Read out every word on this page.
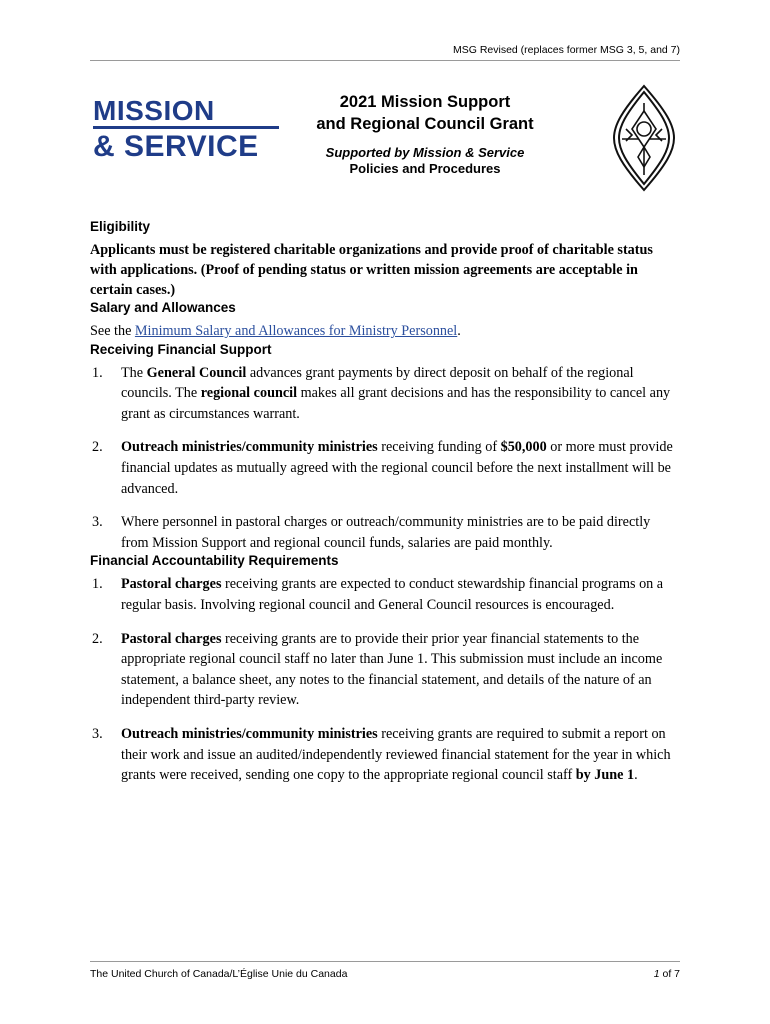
MSG Revised (replaces former MSG 3, 5, and 7)
MISSION
& SERVICE
2021 Mission Support
and Regional Council Grant
Supported by Mission & Service
Policies and Procedures
Eligibility

Applicants must be registered charitable organizations and provide proof of charitable status with applications. (Proof of pending status or written mission agreements are acceptable in certain cases.)

Salary and Allowances

See the Minimum Salary and Allowances for Ministry Personnel.

Receiving Financial Support
1.	The General Council advances grant payments by direct deposit on behalf of the regional councils. The regional council makes all grant decisions and has the responsibility to cancel any grant as circumstances warrant.
2.	Outreach ministries/community ministries receiving funding of $50,000 or more must provide financial updates as mutually agreed with the regional council before the next installment will be advanced.
3.	Where personnel in pastoral charges or outreach/community ministries are to be paid directly from Mission Support and regional council funds, salaries are paid monthly.
Financial Accountability Requirements
1.	Pastoral charges receiving grants are expected to conduct stewardship financial programs on a regular basis. Involving regional council and General Council resources is encouraged.
2.	Pastoral charges receiving grants are to provide their prior year financial statements to the appropriate regional council staff no later than June 1. This submission must include an income statement, a balance sheet, any notes to the financial statement, and details of the nature of an independent third-party review.
3.	Outreach ministries/community ministries receiving grants are required to submit a report on their work and issue an audited/independently reviewed financial statement for the year in which grants were received, sending one copy to the appropriate regional council staff by June 1.
The United Church of Canada/L’Église Unie du Canada	1 of 7
